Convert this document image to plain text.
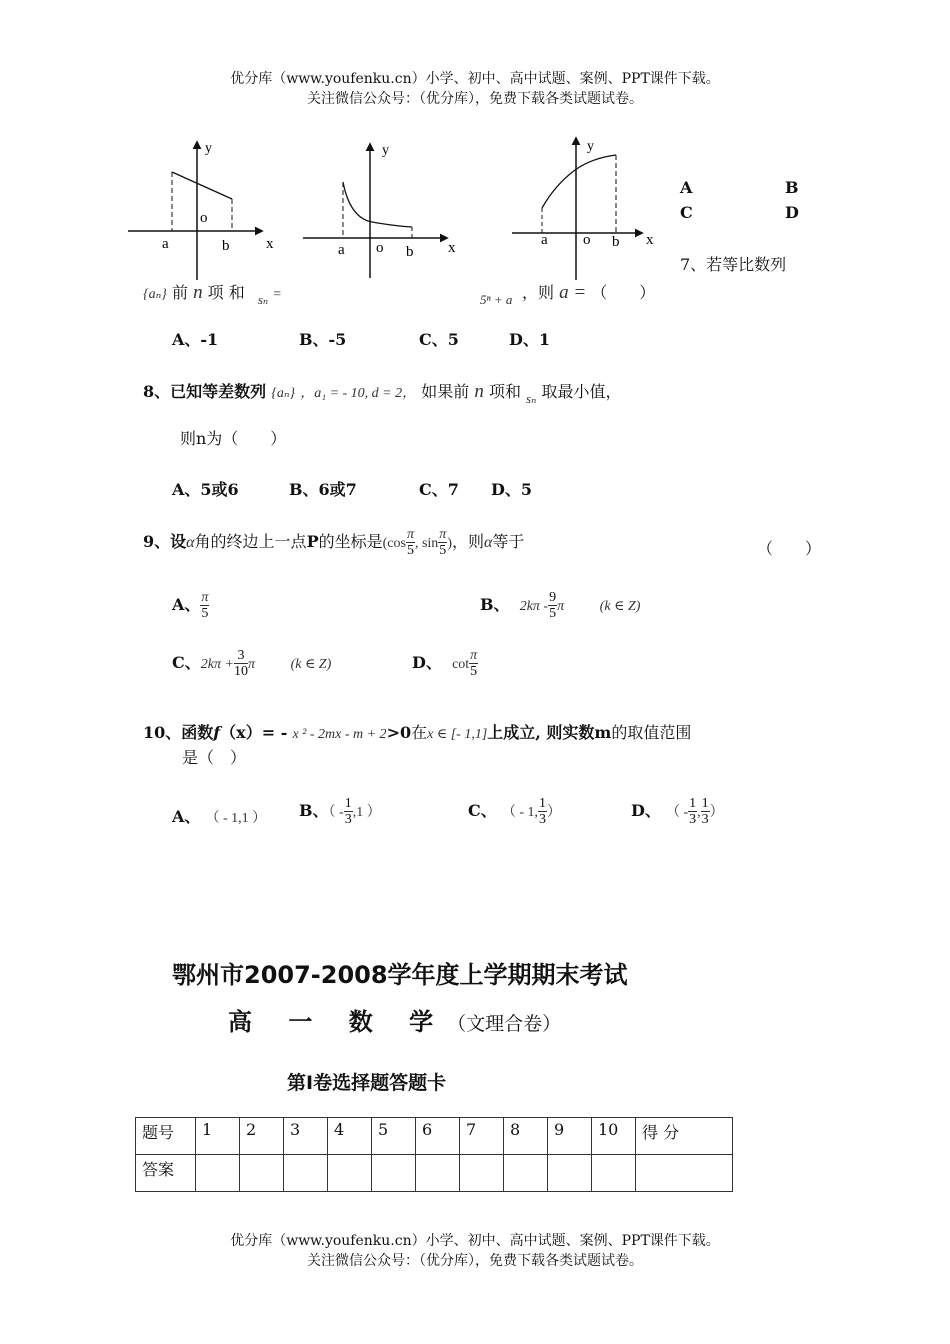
优分库（www.youfenku.cn）小学、初中、高中试题、案例、PPT课件下载。
关注微信公众号：（优分库），免费下载各类试题试卷。
y
o
a	b x
y
o
a	b x
y
o
a	b x
A	B
C	D
7、若等比数列
{aₙ} 前 n 项 和 $_{s_n}$ =	5ⁿ + a ，则 a = （　　）
A、-1	B、-5	C、5	D、1
8、已知等差数列 {aₙ} ，a₁ = - 10, d = 2， 如果前 n 项和 $_{s_n}$ 取最小值，
则n为（　　）
A、5或6	B、6或7	C、7 D、5
9、设α角的终边上一点P的坐标是($\cos \frac{\pi}{5}$ , $\sin \frac{\pi}{5}$ )，则α等于	（　　）
A、 $\frac{\pi}{5}$	B、 $2k\pi - \frac{9}{5}$ π	(k ∈ Z)
C、$2k\pi + \frac{3}{10}$ π	(k ∈ Z)	D、 $\cot \frac{\pi}{5}$
10、函数f（x）= - x ² - 2mx - m + 2>0在x ∈ [- 1,1]上成立, 则实数m的取值范围
是（　）
A、 （ - 1,1 ） B、（ - $\frac{1}{3} ,1$ ）	C、 （ - 1, $\frac{1}{3}$ ）	D、 （ - $\frac{1}{3}$ , $\frac{1}{3}$ ）
鄂州市2007-2008学年度上学期期末考试
高 一 数 学（文理合卷）
第Ⅰ卷选择题答题卡
题号	1	2	3	4	5	6	7	8	9	10	得 分
答案											
优分库（www.youfenku.cn）小学、初中、高中试题、案例、PPT课件下载。
关注微信公众号：（优分库），免费下载各类试题试卷。
